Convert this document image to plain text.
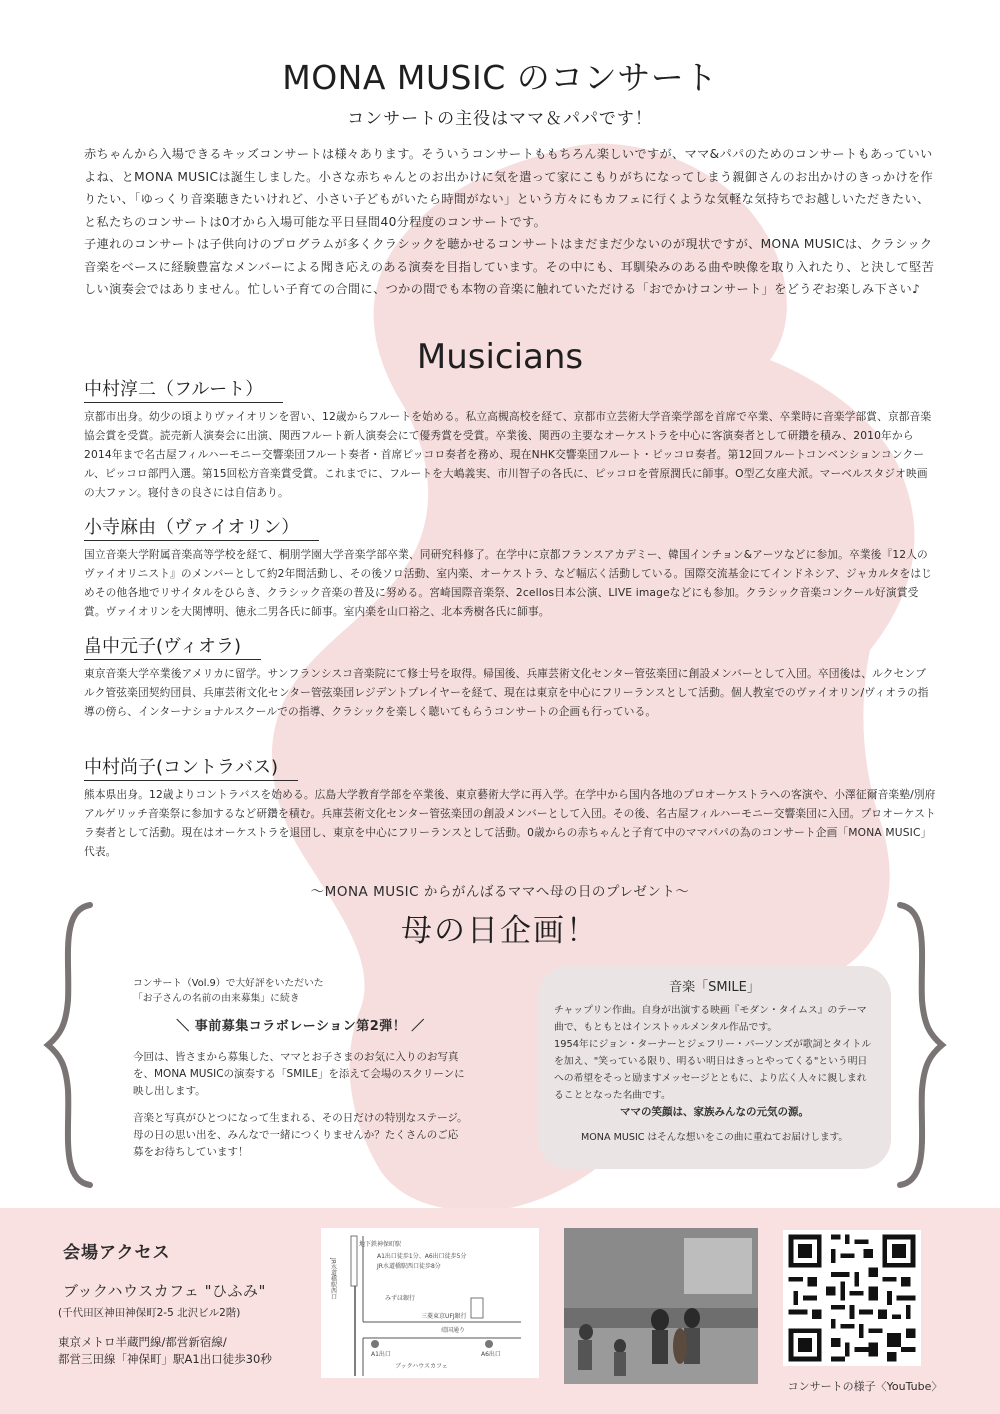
MONA MUSIC のコンサート
コンサートの主役はママ＆パパです！

赤ちゃんから入場できるキッズコンサートは様々あります。そういうコンサートももちろん楽しいですが、ママ&パパのためのコンサートもあっていいよね、とMONA MUSICは誕生しました。小さな赤ちゃんとのお出かけに気を遣って家にこもりがちになってしまう親御さんのお出かけのきっかけを作りたい、「ゆっくり音楽聴きたいけれど、小さい子どもがいたら時間がない」という方々にもカフェに行くような気軽な気持ちでお越しいただきたい、と私たちのコンサートは0才から入場可能な平日昼間40分程度のコンサートです。

子連れのコンサートは子供向けのプログラムが多くクラシックを聴かせるコンサートはまだまだ少ないのが現状ですが、MONA MUSICは、クラシック音楽をベースに経験豊富なメンバーによる聞き応えのある演奏を目指しています。その中にも、耳馴染みのある曲や映像を取り入れたり、と決して堅苦しい演奏会ではありません。忙しい子育ての合間に、つかの間でも本物の音楽に触れていただける「おでかけコンサート」をどうぞお楽しみ下さい♪

Musicians
中村淳二（フルート）

京都市出身。幼少の頃よりヴァイオリンを習い、12歳からフルートを始める。私立高槻高校を経て、京都市立芸術大学音楽学部を首席で卒業、卒業時に音楽学部賞、京都音楽協会賞を受賞。読売新人演奏会に出演、関西フルート新人演奏会にて優秀賞を受賞。卒業後、関西の主要なオーケストラを中心に客演奏者として研鑽を積み、2010年から2014年まで名古屋フィルハーモニー交響楽団フルート奏者・首席ピッコロ奏者を務め、現在NHK交響楽団フルート・ピッコロ奏者。第12回フルートコンベンションコンクール、ピッコロ部門入選。第15回松方音楽賞受賞。これまでに、フルートを大嶋義実、市川智子の各氏に、ピッコロを菅原潤氏に師事。O型乙女座犬派。マーベルスタジオ映画の大ファン。寝付きの良さには自信あり。

小寺麻由（ヴァイオリン）

国立音楽大学附属音楽高等学校を経て、桐朋学園大学音楽学部卒業、同研究科修了。在学中に京都フランスアカデミー、韓国インチョン&アーツなどに参加。卒業後『12人のヴァイオリニスト』のメンバーとして約2年間活動し、その後ソロ活動、室内楽、オーケストラ、など幅広く活動している。国際交流基金にてインドネシア、ジャカルタをはじめその他各地でリサイタルをひらき、クラシック音楽の普及に努める。宮崎国際音楽祭、2cellos日本公演、LIVE imageなどにも参加。クラシック音楽コンクール好演賞受賞。ヴァイオリンを大関博明、徳永二男各氏に師事。室内楽を山口裕之、北本秀樹各氏に師事。

畠中元子(ヴィオラ)

東京音楽大学卒業後アメリカに留学。サンフランシスコ音楽院にて修士号を取得。帰国後、兵庫芸術文化センター管弦楽団に創設メンバーとして入団。卒団後は、ルクセンブルク管弦楽団契約団員、兵庫芸術文化センター管弦楽団レジデントプレイヤーを経て、現在は東京を中心にフリーランスとして活動。個人教室でのヴァイオリン/ヴィオラの指導の傍ら、インターナショナルスクールでの指導、クラシックを楽しく聴いてもらうコンサートの企画も行っている。

中村尚子(コントラバス)

熊本県出身。12歳よりコントラバスを始める。広島大学教育学部を卒業後、東京藝術大学に再入学。在学中から国内各地のプロオーケストラへの客演や、小澤征爾音楽塾/別府アルゲリッチ音楽祭に参加するなど研鑽を積む。兵庫芸術文化センター管弦楽団の創設メンバーとして入団。その後、名古屋フィルハーモニー交響楽団に入団。プロオーケストラ奏者として活動。現在はオーケストラを退団し、東京を中心にフリーランスとして活動。0歳からの赤ちゃんと子育て中のママパパの為のコンサート企画「MONA MUSIC」代表。

〜MONA MUSIC からがんばるママへ母の日のプレゼント〜
母の日企画！

コンサート（Vol.9）で大好評をいただいた

「お子さんの名前の由来募集」に続き

＼ 事前募集コラボレーション第2弾！ ／

今回は、皆さまから募集した、ママとお子さまのお気に入りのお写真を、MONA MUSICの演奏する「SMILE」を添えて会場のスクリーンに映し出します。

音楽と写真がひとつになって生まれる、その日だけの特別なステージ。母の日の思い出を、みんなで一緒につくりませんか？たくさんのご応募をお待ちしています！

音楽「SMILE」

チャップリン作曲。自身が出演する映画『モダン・タイムス』のテーマ曲で、もともとはインストゥルメンタル作品です。

1954年にジョン・ターナーとジェフリー・パーソンズが歌詞とタイトルを加え、"笑っている限り、明るい明日はきっとやってくる"という明日への希望をそっと励ますメッセージとともに、より広く人々に親しまれることとなった名曲です。

ママの笑顔は、家族みんなの元気の源。
MONA MUSIC はそんな想いをこの曲に重ねてお届けします。
会場アクセス
ブックハウスカフェ "ひふみ"
(千代田区神田神保町2-5 北沢ビル2階)
東京メトロ半蔵門線/都営新宿線/
都営三田線「神保町」駅A1出口徒歩30秒
地下鉄神保町駅
A1出口徒歩1分、A6出口徒歩5分
JR水道橋駅西口徒歩8分
JR水道橋駅西口	みずほ銀行
三菱東京UFJ銀行
靖国通り
A1出口	A6出口
ブックハウスカフェ
コンサートの様子〈YouTube〉
